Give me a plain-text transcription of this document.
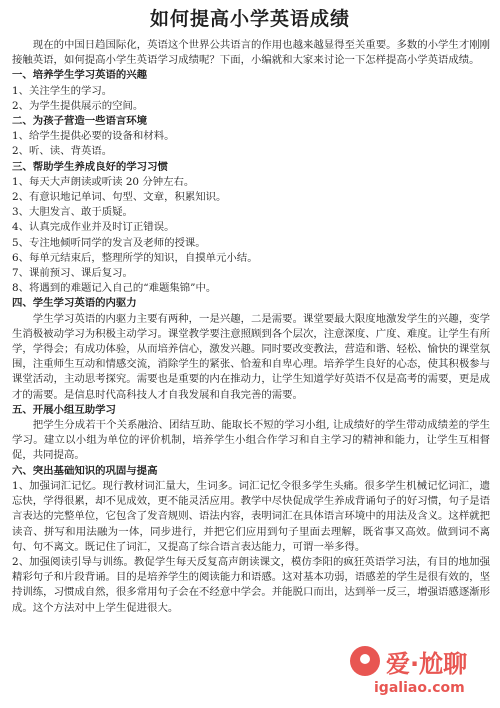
如何提高小学英语成绩

现在的中国日趋国际化，英语这个世界公共语言的作用也越来越显得至关重要。多数的小学生才刚刚接触英语，如何提高小学生英语学习成绩呢？下面，小编就和大家来讨论一下怎样提高小学英语成绩。

一、培养学生学习英语的兴趣

1、关注学生的学习。

2、为学生提供展示的空间。

二、为孩子营造一些语言环境

1、给学生提供必要的设备和材料。

2、听、读、背英语。

三、帮助学生养成良好的学习习惯

1、每天大声朗读或听读 20 分钟左右。

2、有意识地记单词、句型、文章，积累知识。

3、大胆发言、敢于质疑。

4、认真完成作业并及时订正错误。

5、专注地倾听同学的发言及老师的授课。

6、每单元结束后，整理所学的知识，自摸单元小结。

7、课前预习、课后复习。

8、将遇到的难题记入自己的“难题集锦”中。

四、学生学习英语的内驱力

学生学习英语的内驱力主要有两种，一是兴趣，二是需要。课堂要最大限度地激发学生的兴趣，变学生消极被动学习为积极主动学习。课堂教学要注意照顾到各个层次，注意深度、广度、难度。让学生有所学，学得会；有成功体验，从而培养信心，激发兴趣。同时要改变教法，营造和谐、轻松、愉快的课堂氛围，注重师生互动和情感交流，消除学生的紧张、恰羞和自卑心理。培养学生良好的心态，使其积极参与课堂活动，主动思考探究。需要也是重要的内在推动力，让学生知道学好英语不仅是高考的需要，更是成才的需要。是信息时代高科技人才自我发展和自我完善的需要。

五、开展小组互助学习

把学生分成若干个关系融洽、团结互助、能取长不短的学习小组, 让成绩好的学生带动成绩差的学生学习。建立以小组为单位的评价机制，培养学生小组合作学习和自主学习的精神和能力，让学生互相督促，共同提高。

六、突出基础知识的巩固与提高

1、加强词汇记忆。现行教材词汇量大，生词多。词汇记忆令很多学生头痛。很多学生机械记忆词汇，遗忘快，学得很累，却不见成效，更不能灵活应用。教学中尽快促成学生养成背诵句子的好习惯，句子是语言表达的完整单位，它包含了发音规则、语法内容，表明词汇在具体语言环境中的用法及含义。这样就把读音、拼写和用法融为一体，同步进行，并把它们应用到句子里面去理解，既省事又高效。做到词不离句、句不离文。既记住了词汇，又提高了综合语言表达能力，可谓一举多得。

2、加强阅读引导与训练。教促学生每天反复高声朗读课文，模仿李阳的疯狂英语学习法，有目的地加强精彩句子和片段背诵。目的是培养学生的阅读能力和语感。这对基本功弱，语感差的学生是很有效的，坚持训练，习惯成自然，很多常用句子会在不经意中学会。并能脱口而出，达到举一反三，增强语感逐渐形成。这个方法对中上学生促进很大。

爱·尬聊
igaliao.com
